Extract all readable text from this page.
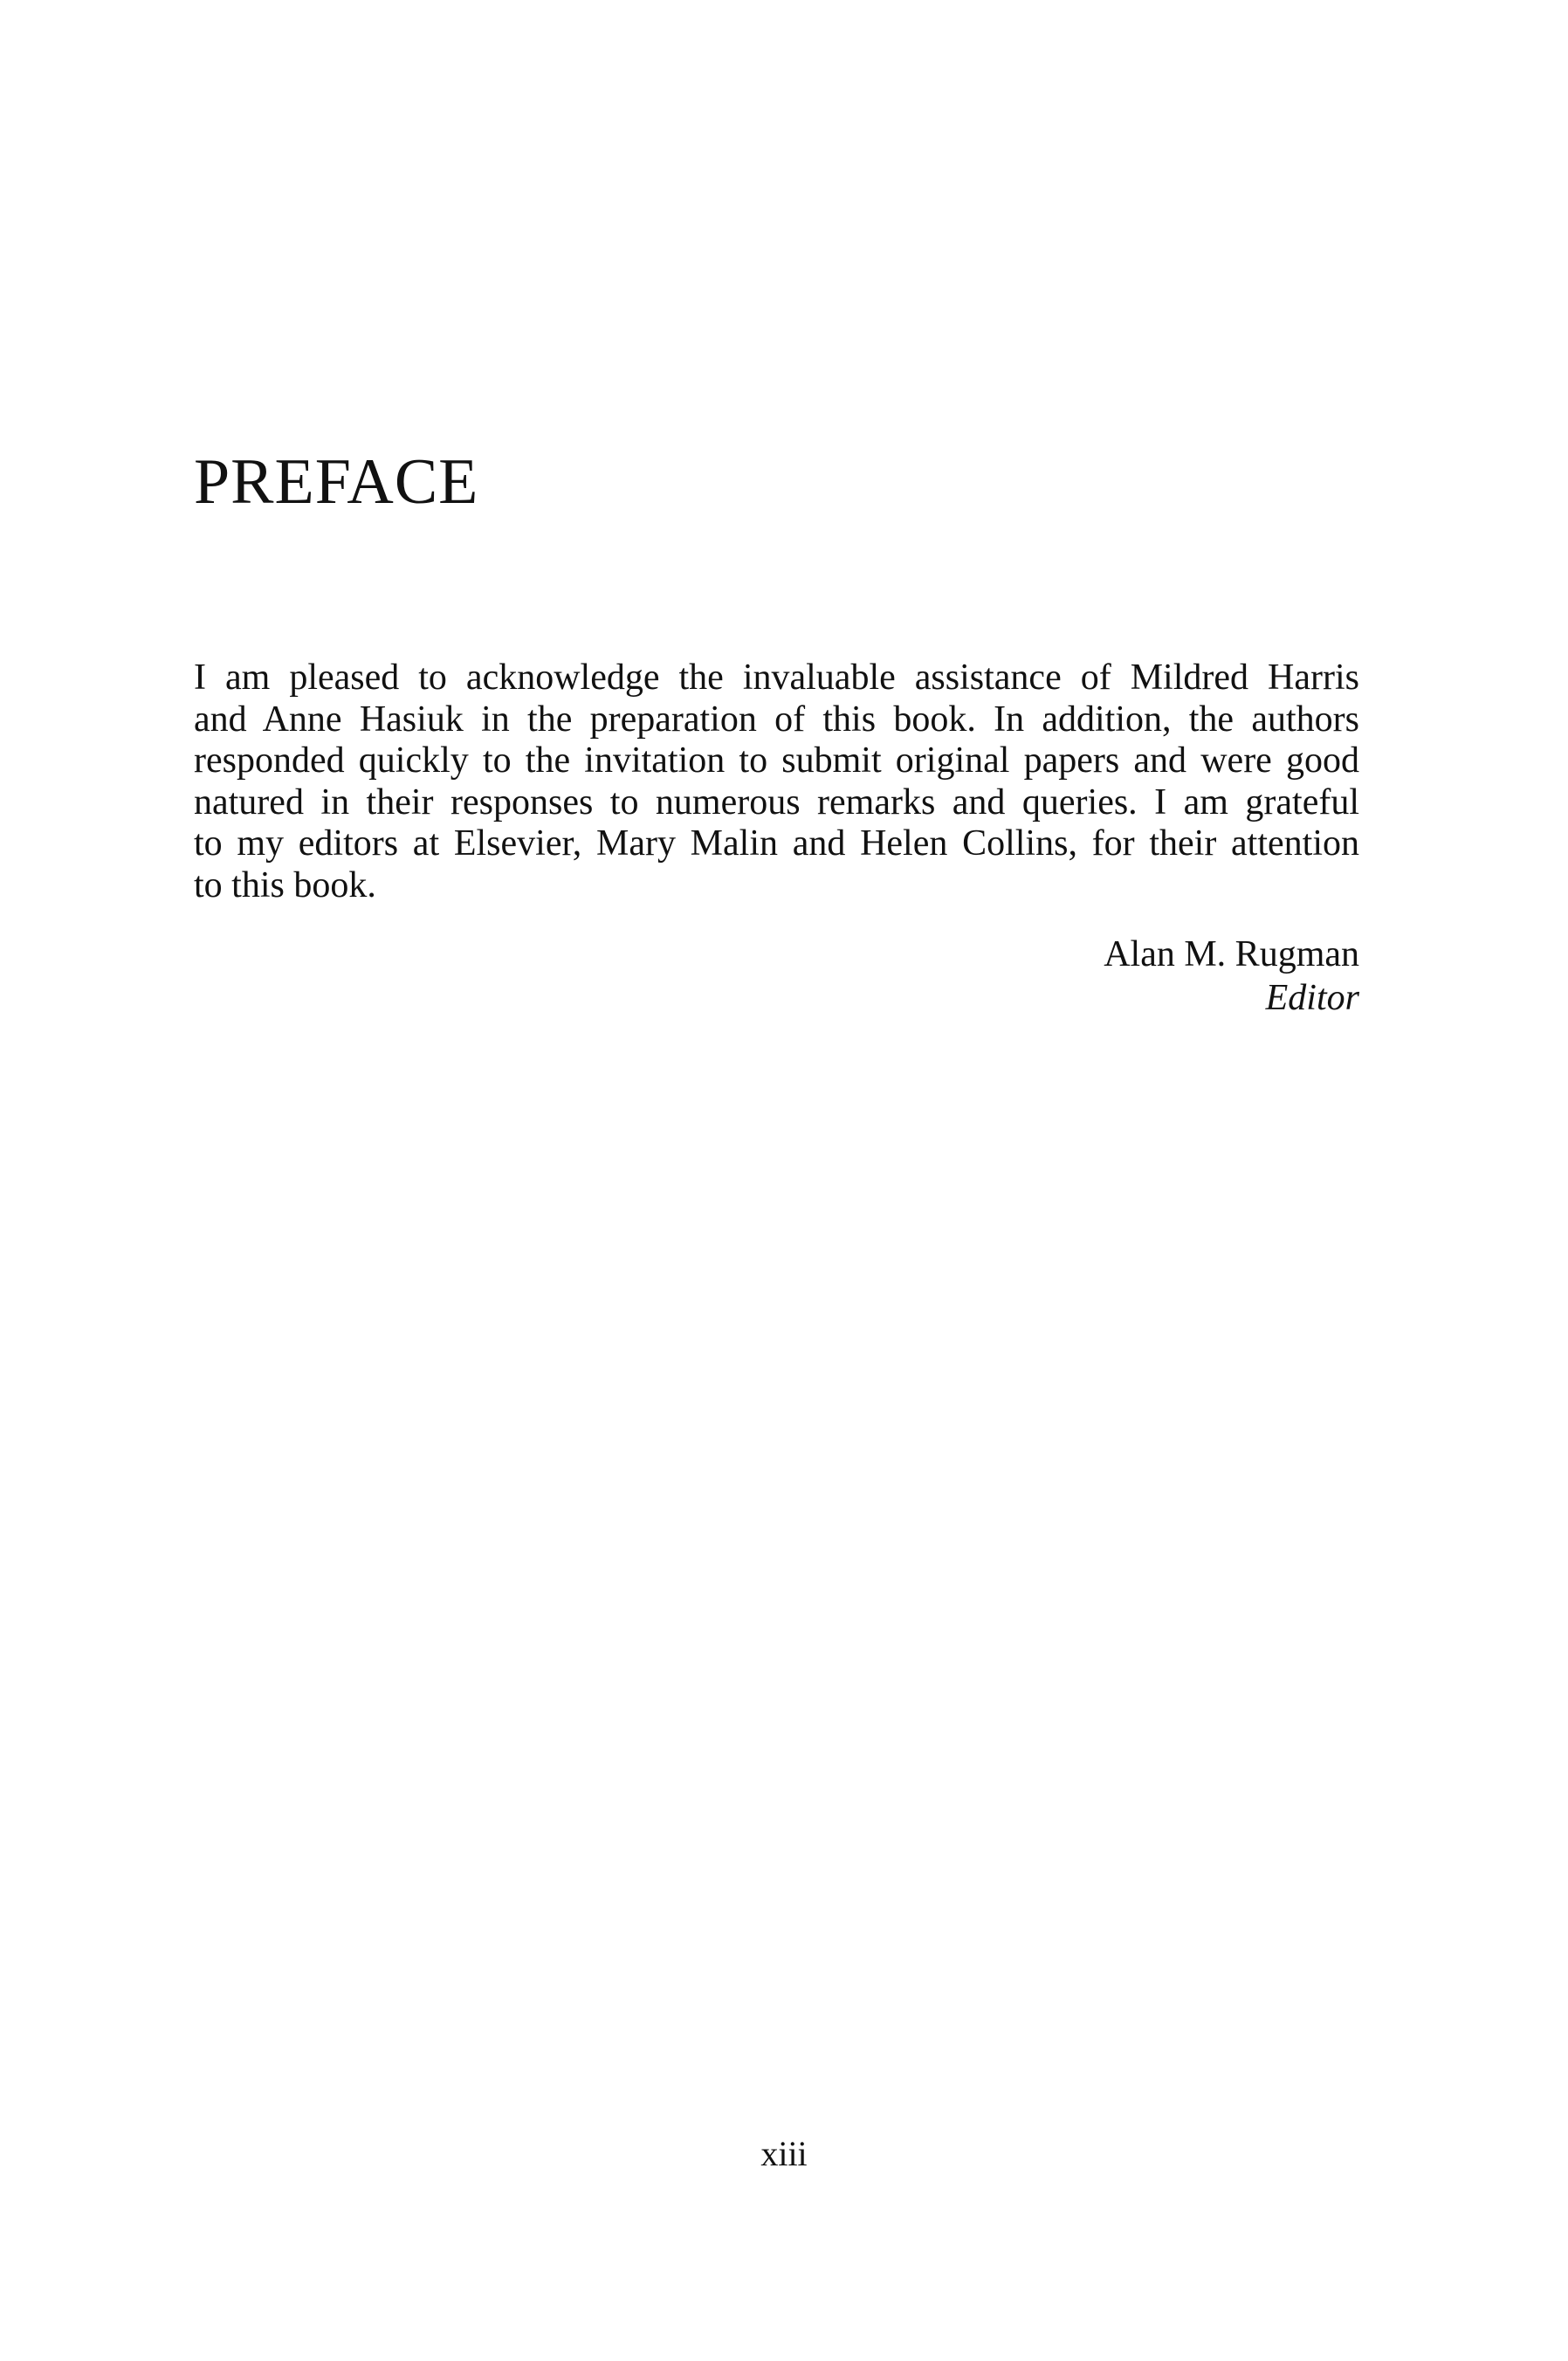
PREFACE
I am pleased to acknowledge the invaluable assistance of Mildred Harris
and Anne Hasiuk in the preparation of this book. In addition, the authors
responded quickly to the invitation to submit original papers and were good
natured in their responses to numerous remarks and queries. I am grateful
to my editors at Elsevier, Mary Malin and Helen Collins, for their attention
to this book.
Alan M. Rugman
Editor
xiii
